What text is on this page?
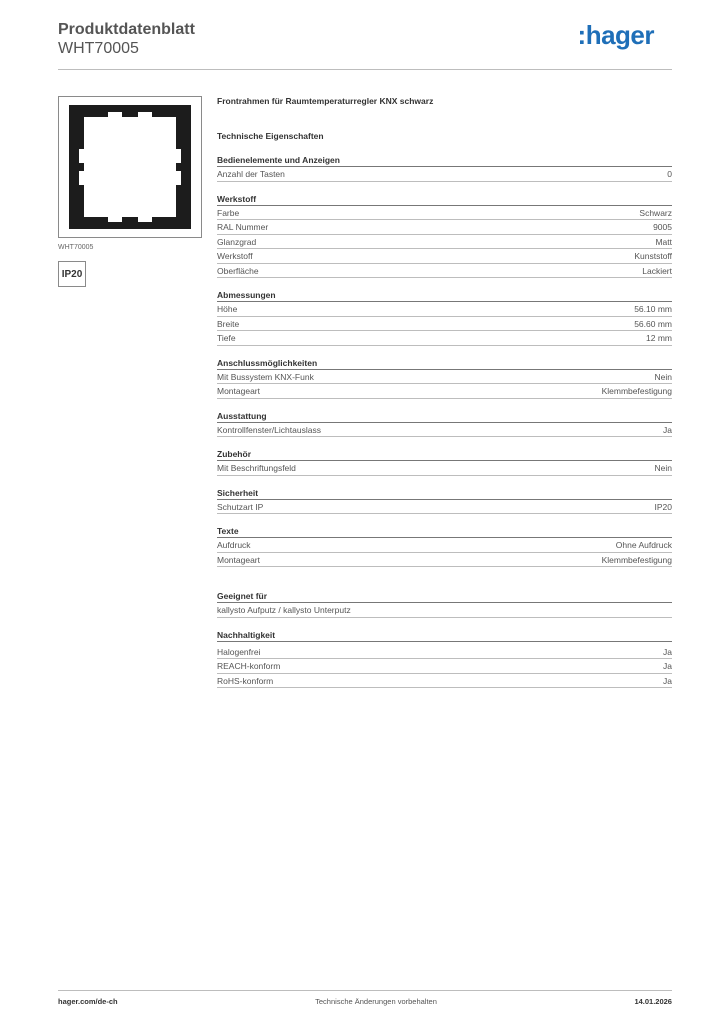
Produktdatenblatt
WHT70005	:hager
WHT70005
IP20
Frontrahmen für Raumtemperaturregler KNX schwarz
Technische Eigenschaften
Bedienelemente und Anzeigen
Anzahl der Tasten	0
Werkstoff
Farbe	Schwarz
RAL Nummer	9005
Glanzgrad	Matt
Werkstoff	Kunststoff
Oberfläche	Lackiert
Abmessungen
Höhe	56.10 mm
Breite	56.60 mm
Tiefe	12 mm
Anschlussmöglichkeiten
Mit Bussystem KNX-Funk	Nein
Montageart	Klemmbefestigung
Ausstattung
Kontrollfenster/Lichtauslass	Ja
Zubehör
Mit Beschriftungsfeld	Nein
Sicherheit
Schutzart IP	IP20
Texte
Aufdruck	Ohne Aufdruck
Montageart	Klemmbefestigung
Geeignet für
kallysto Aufputz / kallysto Unterputz
Nachhaltigkeit
Halogenfrei	Ja
REACH-konform	Ja
RoHS-konform	Ja
hager.com/de-ch	Technische Änderungen vorbehalten	14.01.2026
